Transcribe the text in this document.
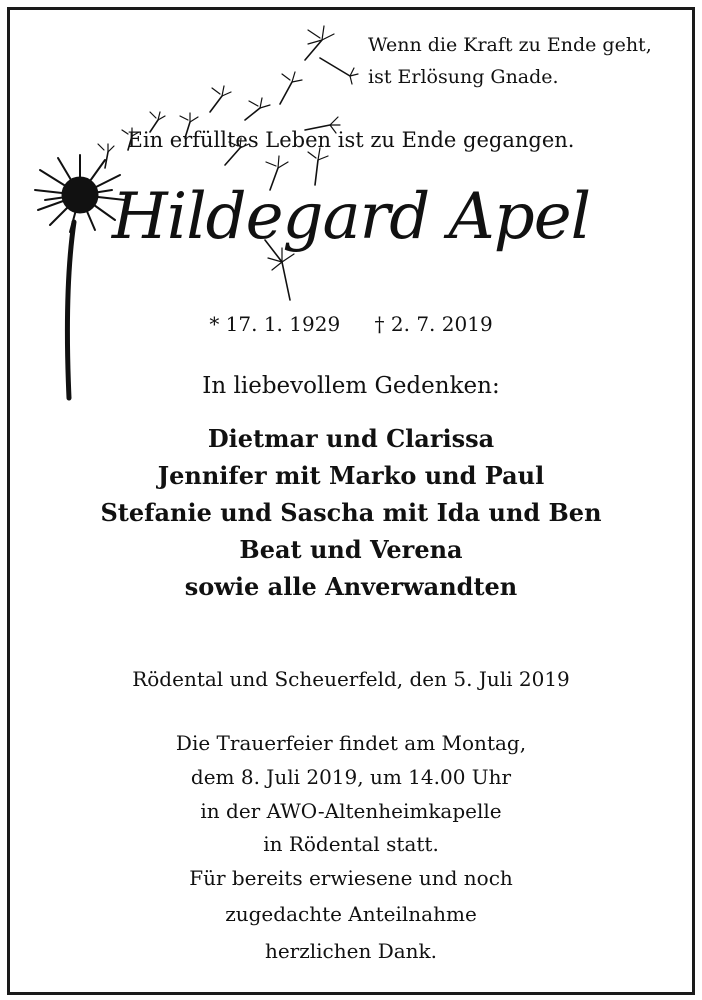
Wenn die Kraft zu Ende geht,
ist Erlösung Gnade.
Ein erfülltes Leben ist zu Ende gegangen.
Hildegard Apel
* 17. 1. 1929 † 2. 7. 2019
In liebevollem Gedenken:
Dietmar und Clarissa
Jennifer mit Marko und Paul
Stefanie und Sascha mit Ida und Ben
Beat und Verena
sowie alle Anverwandten
Rödental und Scheuerfeld, den 5. Juli 2019
Die Trauerfeier findet am Montag,
dem 8. Juli 2019, um 14.00 Uhr
in der AWO-Altenheimkapelle
in Rödental statt.
Für bereits erwiesene und noch
zugedachte Anteilnahme
herzlichen Dank.
